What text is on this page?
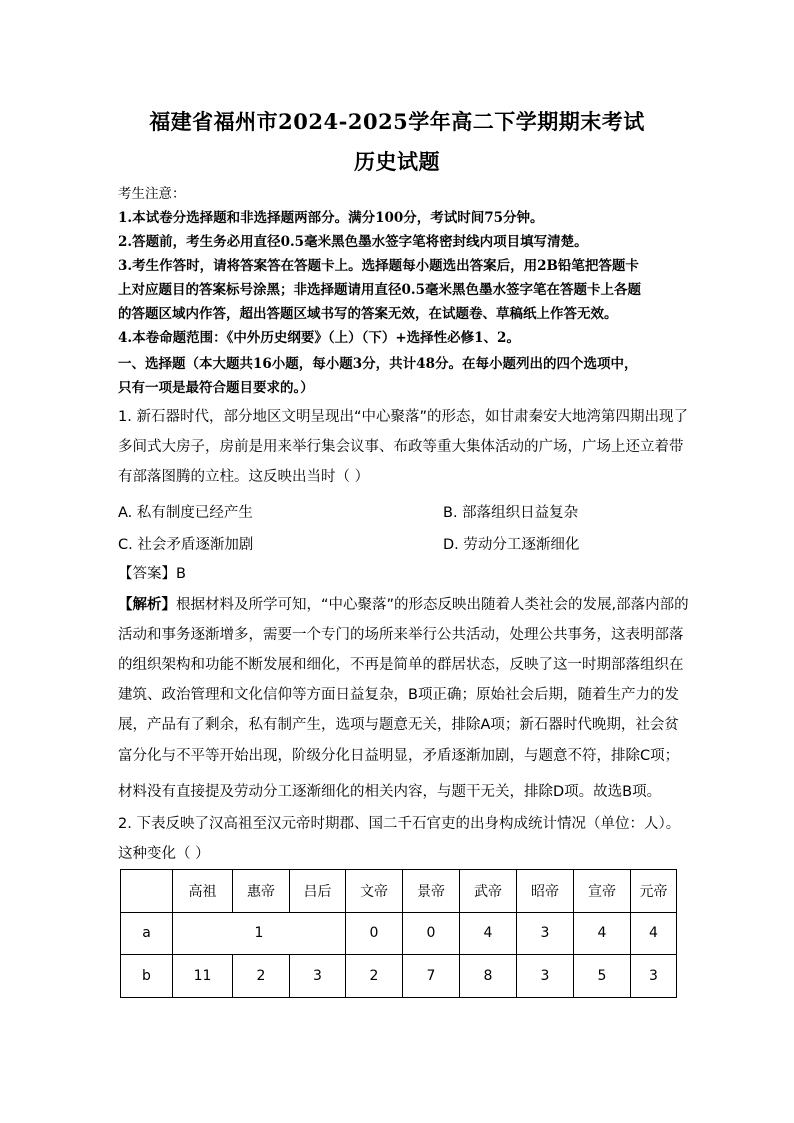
福建省福州市2024-2025学年高二下学期期末考试
历史试题
考生注意：
1.本试卷分选择题和非选择题两部分。满分100分，考试时间75分钟。
2.答题前，考生务必用直径0.5毫米黑色墨水签字笔将密封线内项目填写清楚。
3.考生作答时，请将答案答在答题卡上。选择题每小题选出答案后，用2B铅笔把答题卡
上对应题目的答案标号涂黑；非选择题请用直径0.5毫米黑色墨水签字笔在答题卡上各题
的答题区域内作答，超出答题区域书写的答案无效，在试题卷、草稿纸上作答无效。
4.本卷命题范围：《中外历史纲要》（上）（下）+选择性必修1、2。
一、选择题（本大题共16小题，每小题3分，共计48分。在每小题列出的四个选项中，
只有一项是最符合题目要求的。）
1. 新石器时代，部分地区文明呈现出“中心聚落”的形态，如甘肃秦安大地湾第四期出现了
多间式大房子，房前是用来举行集会议事、布政等重大集体活动的广场，广场上还立着带
有部落图腾的立柱。这反映出当时（ ）
A. 私有制度已经产生	B. 部落组织日益复杂
C. 社会矛盾逐渐加剧	D. 劳动分工逐渐细化
【答案】B
【解析】根据材料及所学可知，“中心聚落”的形态反映出随着人类社会的发展,部落内部的
活动和事务逐渐增多，需要一个专门的场所来举行公共活动，处理公共事务，这表明部落
的组织架构和功能不断发展和细化，不再是简单的群居状态，反映了这一时期部落组织在
建筑、政治管理和文化信仰等方面日益复杂，B项正确；原始社会后期，随着生产力的发
展，产品有了剩余，私有制产生，选项与题意无关，排除A项；新石器时代晚期，社会贫
富分化与不平等开始出现，阶级分化日益明显，矛盾逐渐加剧，与题意不符，排除C项；
材料没有直接提及劳动分工逐渐细化的相关内容，与题干无关，排除D项。故选B项。
2. 下表反映了汉高祖至汉元帝时期郡、国二千石官吏的出身构成统计情况（单位：人）。
这种变化（ ）
	高祖	惠帝	吕后	文帝	景帝	武帝	昭帝	宣帝	元帝
a	1			0	0	4	3	4	4
b	11	2	3	2	7	8	3	5	3
